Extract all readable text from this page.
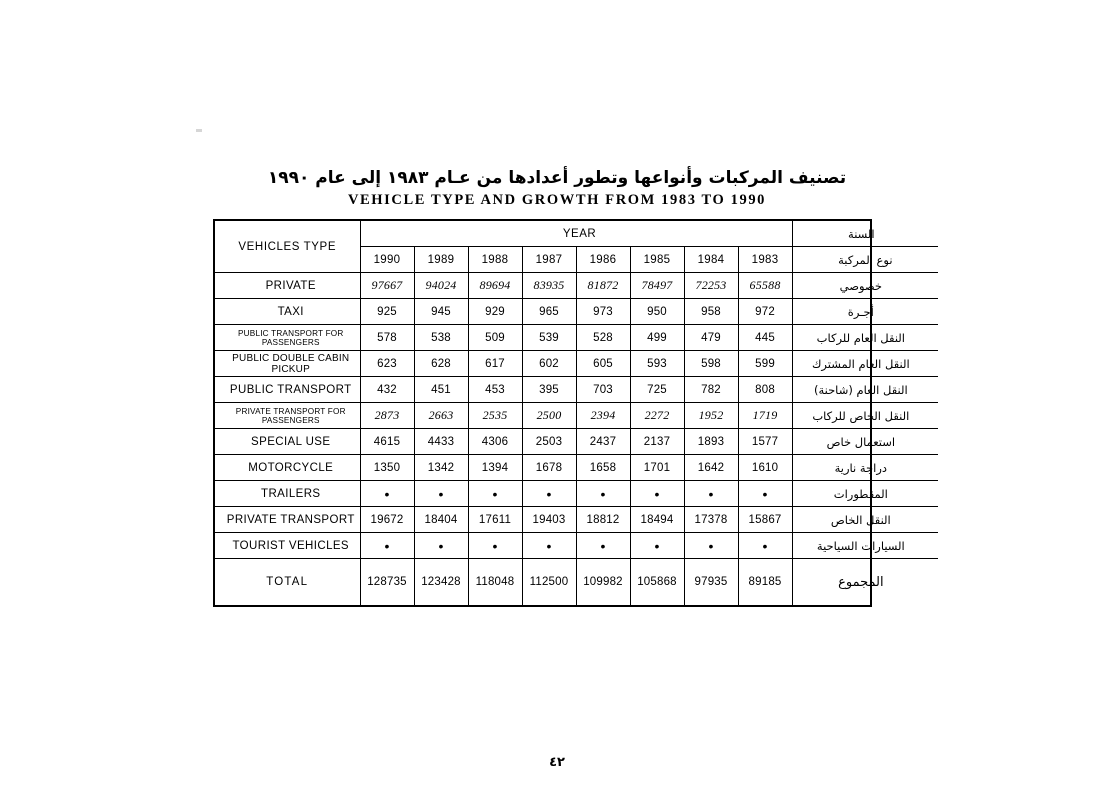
تصنيف المركبات وأنواعها وتطور أعدادها من عـام ١٩٨٣ إلى عام ١٩٩٠
VEHICLE TYPE AND GROWTH FROM 1983 TO 1990
VEHICLES TYPE	YEAR								السنة
	1990	1989	1988	1987	1986	1985	1984	1983	نوع المركبة
PRIVATE	97667	94024	89694	83935	81872	78497	72253	65588	خصوصي
TAXI	925	945	929	965	973	950	958	972	أجـرة
PUBLIC TRANSPORT FOR PASSENGERS	578	538	509	539	528	499	479	445	النقل العام للركاب
PUBLIC DOUBLE CABIN PICKUP	623	628	617	602	605	593	598	599	النقل العام المشترك
PUBLIC TRANSPORT	432	451	453	395	703	725	782	808	النقل العام (شاحنة)
PRIVATE TRANSPORT FOR PASSENGERS	2873	2663	2535	2500	2394	2272	1952	1719	النقل الخاص للركاب
SPECIAL USE	4615	4433	4306	2503	2437	2137	1893	1577	استعمال خاص
MOTORCYCLE	1350	1342	1394	1678	1658	1701	1642	1610	دراجة نارية
TRAILERS	•	•	•	•	•	•	•	•	المقطورات
PRIVATE TRANSPORT	19672	18404	17611	19403	18812	18494	17378	15867	النقل الخاص
TOURIST VEHICLES	•	•	•	•	•	•	•	•	السيارات السياحية
TOTAL	128735	123428	118048	112500	109982	105868	97935	89185	المجموع
٤٢
